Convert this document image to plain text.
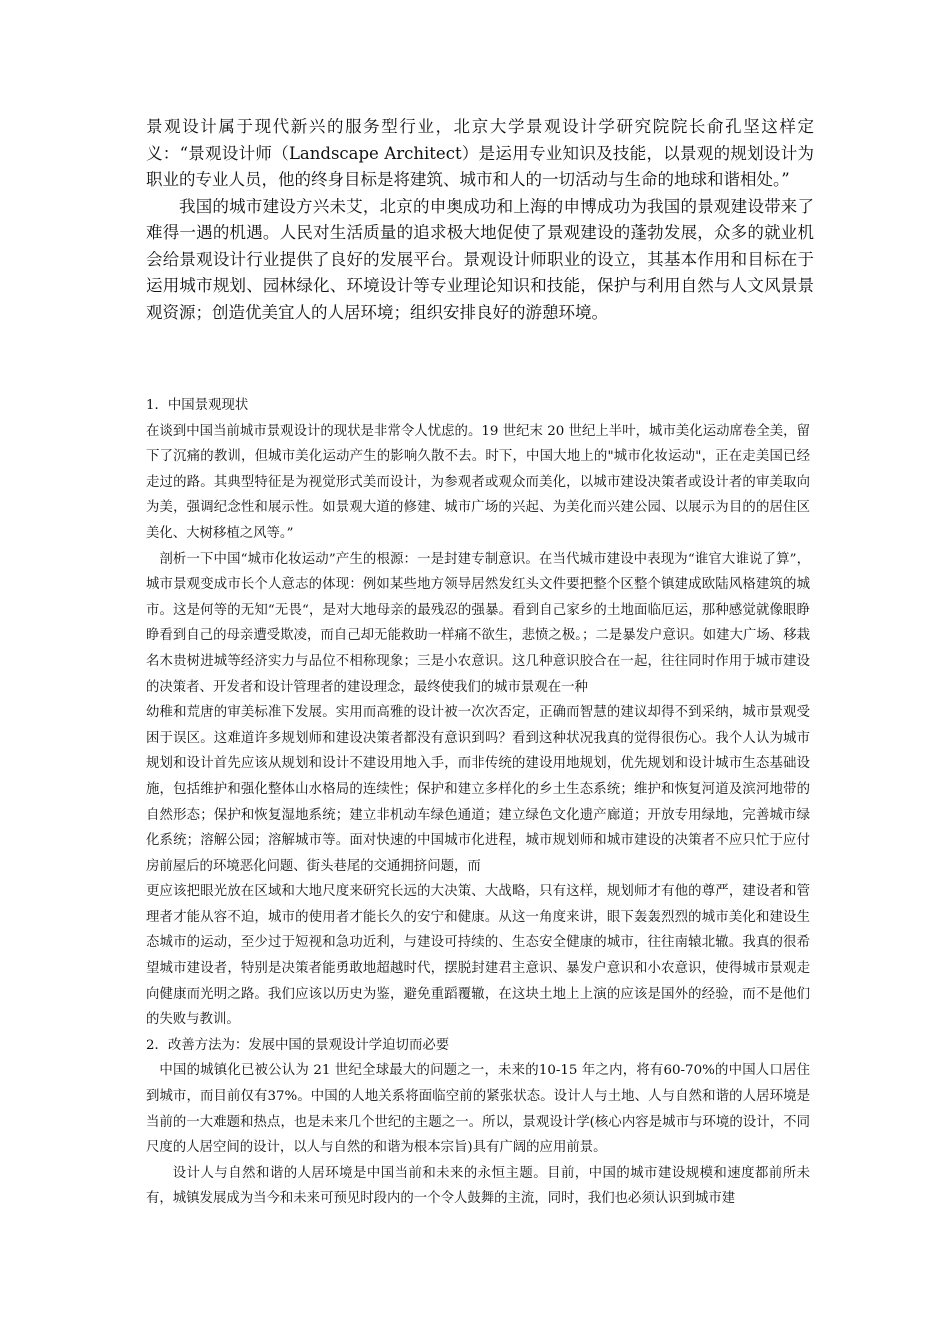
景观设计属于现代新兴的服务型行业，北京大学景观设计学研究院院长俞孔坚这样定义：“景观设计师（Landscape Architect）是运用专业知识及技能，以景观的规划设计为职业的专业人员，他的终身目标是将建筑、城市和人的一切活动与生命的地球和谐相处。”

我国的城市建设方兴未艾，北京的申奥成功和上海的申博成功为我国的景观建设带来了难得一遇的机遇。人民对生活质量的追求极大地促使了景观建设的蓬勃发展，众多的就业机会给景观设计行业提供了良好的发展平台。景观设计师职业的设立，其基本作用和目标在于运用城市规划、园林绿化、环境设计等专业理论知识和技能，保护与利用自然与人文风景景观资源；创造优美宜人的人居环境；组织安排良好的游憩环境。

1．中国景观现状

在谈到中国当前城市景观设计的现状是非常令人忧虑的。19 世纪末 20 世纪上半叶，城市美化运动席卷全美，留下了沉痛的教训，但城市美化运动产生的影响久散不去。时下，中国大地上的"城市化妆运动"，正在走美国已经走过的路。其典型特征是为视觉形式美而设计，为参观者或观众而美化，以城市建设决策者或设计者的审美取向为美，强调纪念性和展示性。如景观大道的修建、城市广场的兴起、为美化而兴建公园、以展示为目的的居住区美化、大树移植之风等。”

剖析一下中国“城市化妆运动”产生的根源：一是封建专制意识。在当代城市建设中表现为“谁官大谁说了算”，城市景观变成市长个人意志的体现：例如某些地方领导居然发红头文件要把整个区整个镇建成欧陆风格建筑的城市。这是何等的无知“无畏“，是对大地母亲的最残忍的强暴。看到自己家乡的土地面临厄运，那种感觉就像眼睁睁看到自己的母亲遭受欺凌，而自己却无能救助一样痛不欲生，悲愤之极。；二是暴发户意识。如建大广场、移栽名木贵树进城等经济实力与品位不相称现象；三是小农意识。这几种意识胶合在一起，往往同时作用于城市建设的决策者、开发者和设计管理者的建设理念，最终使我们的城市景观在一种

幼稚和荒唐的审美标准下发展。实用而高雅的设计被一次次否定，正确而智慧的建议却得不到采纳，城市景观受困于误区。这难道许多规划师和建设决策者都没有意识到吗？看到这种状况我真的觉得很伤心。我个人认为城市规划和设计首先应该从规划和设计不建设用地入手，而非传统的建设用地规划，优先规划和设计城市生态基础设施，包括维护和强化整体山水格局的连续性；保护和建立多样化的乡土生态系统；维护和恢复河道及滨河地带的自然形态；保护和恢复湿地系统；建立非机动车绿色通道；建立绿色文化遗产廊道；开放专用绿地，完善城市绿化系统；溶解公园；溶解城市等。面对快速的中国城市化进程，城市规划师和城市建设的决策者不应只忙于应付房前屋后的环境恶化问题、街头巷尾的交通拥挤问题，而

更应该把眼光放在区域和大地尺度来研究长远的大决策、大战略，只有这样，规划师才有他的尊严，建设者和管理者才能从容不迫，城市的使用者才能长久的安宁和健康。从这一角度来讲，眼下轰轰烈烈的城市美化和建设生态城市的运动，至少过于短视和急功近利，与建设可持续的、生态安全健康的城市，往往南辕北辙。我真的很希望城市建设者，特别是决策者能勇敢地超越时代，摆脱封建君主意识、暴发户意识和小农意识，使得城市景观走向健康而光明之路。我们应该以历史为鉴，避免重蹈覆辙，在这块土地上上演的应该是国外的经验，而不是他们的失败与教训。

2．改善方法为：发展中国的景观设计学迫切而必要

中国的城镇化已被公认为 21 世纪全球最大的问题之一，未来的10-15 年之内，将有60-70%的中国人口居住到城市，而目前仅有37%。中国的人地关系将面临空前的紧张状态。设计人与土地、人与自然和谐的人居环境是当前的一大难题和热点，也是未来几个世纪的主题之一。所以，景观设计学(核心内容是城市与环境的设计，不同尺度的人居空间的设计，以人与自然的和谐为根本宗旨)具有广阔的应用前景。

设计人与自然和谐的人居环境是中国当前和未来的永恒主题。目前，中国的城市建设规模和速度都前所未有，城镇发展成为当今和未来可预见时段内的一个令人鼓舞的主流，同时，我们也必须认识到城市建
